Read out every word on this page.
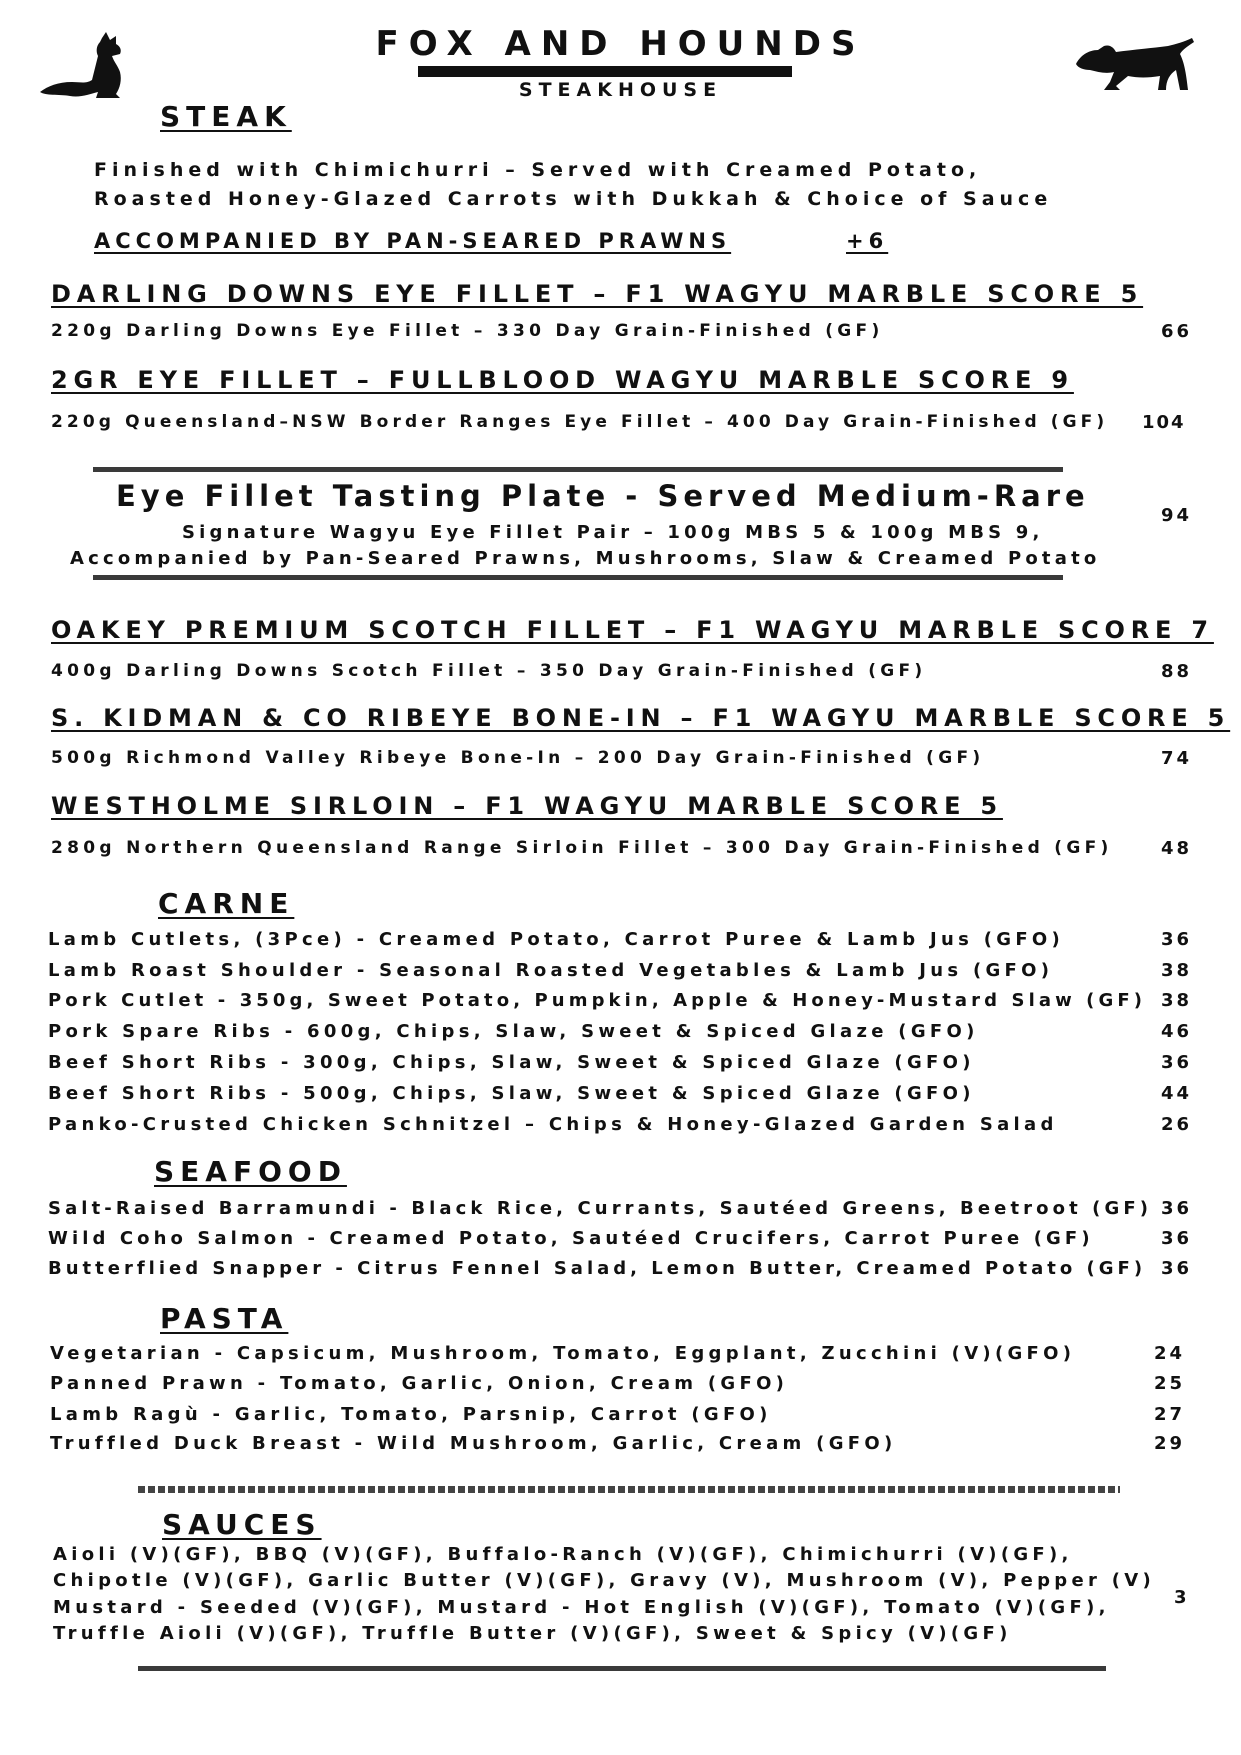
FOX AND HOUNDS
STEAKHOUSE
STEAK
Finished with Chimichurri – Served with Creamed Potato,
Roasted Honey-Glazed Carrots with Dukkah & Choice of Sauce
ACCOMPANIED BY PAN-SEARED PRAWNS	+6
DARLING DOWNS EYE FILLET – F1 WAGYU MARBLE SCORE 5
220g Darling Downs Eye Fillet – 330 Day Grain-Finished (GF)	66
2GR EYE FILLET – FULLBLOOD WAGYU MARBLE SCORE 9
220g Queensland–NSW Border Ranges Eye Fillet – 400 Day Grain-Finished (GF) 104
Eye Fillet Tasting Plate - Served Medium-Rare
Signature Wagyu Eye Fillet Pair – 100g MBS 5 & 100g MBS 9,
Accompanied by Pan-Seared Prawns, Mushrooms, Slaw & Creamed Potato
94
OAKEY PREMIUM SCOTCH FILLET – F1 WAGYU MARBLE SCORE 7
400g Darling Downs Scotch Fillet – 350 Day Grain-Finished (GF)	88
S. KIDMAN & CO RIBEYE BONE-IN – F1 WAGYU MARBLE SCORE 5
500g Richmond Valley Ribeye Bone-In – 200 Day Grain-Finished (GF)	74
WESTHOLME SIRLOIN – F1 WAGYU MARBLE SCORE 5
280g Northern Queensland Range Sirloin Fillet – 300 Day Grain-Finished (GF)	48
CARNE
Lamb Cutlets, (3Pce) - Creamed Potato, Carrot Puree & Lamb Jus (GFO)	36
Lamb Roast Shoulder - Seasonal Roasted Vegetables & Lamb Jus (GFO)	38
Pork Cutlet - 350g, Sweet Potato, Pumpkin, Apple & Honey-Mustard Slaw (GF) 38
Pork Spare Ribs - 600g, Chips, Slaw, Sweet & Spiced Glaze (GFO)	46
Beef Short Ribs - 300g, Chips, Slaw, Sweet & Spiced Glaze (GFO)	36
Beef Short Ribs - 500g, Chips, Slaw, Sweet & Spiced Glaze (GFO)	44
Panko-Crusted Chicken Schnitzel – Chips & Honey-Glazed Garden Salad	26
SEAFOOD
Salt-Raised Barramundi - Black Rice, Currants, Sautéed Greens, Beetroot (GF) 36
Wild Coho Salmon - Creamed Potato, Sautéed Crucifers, Carrot Puree (GF)	36
Butterflied Snapper - Citrus Fennel Salad, Lemon Butter, Creamed Potato (GF) 36
PASTA
Vegetarian - Capsicum, Mushroom, Tomato, Eggplant, Zucchini (V)(GFO)	24
Panned Prawn - Tomato, Garlic, Onion, Cream (GFO)	25
Lamb Ragù - Garlic, Tomato, Parsnip, Carrot (GFO)	27
Truffled Duck Breast - Wild Mushroom, Garlic, Cream (GFO)	29
SAUCES
Aioli (V)(GF), BBQ (V)(GF), Buffalo-Ranch (V)(GF), Chimichurri (V)(GF),
Chipotle (V)(GF), Garlic Butter (V)(GF), Gravy (V), Mushroom (V), Pepper (V)
Mustard - Seeded (V)(GF), Mustard - Hot English (V)(GF), Tomato (V)(GF),
Truffle Aioli (V)(GF), Truffle Butter (V)(GF), Sweet & Spicy (V)(GF)
3
